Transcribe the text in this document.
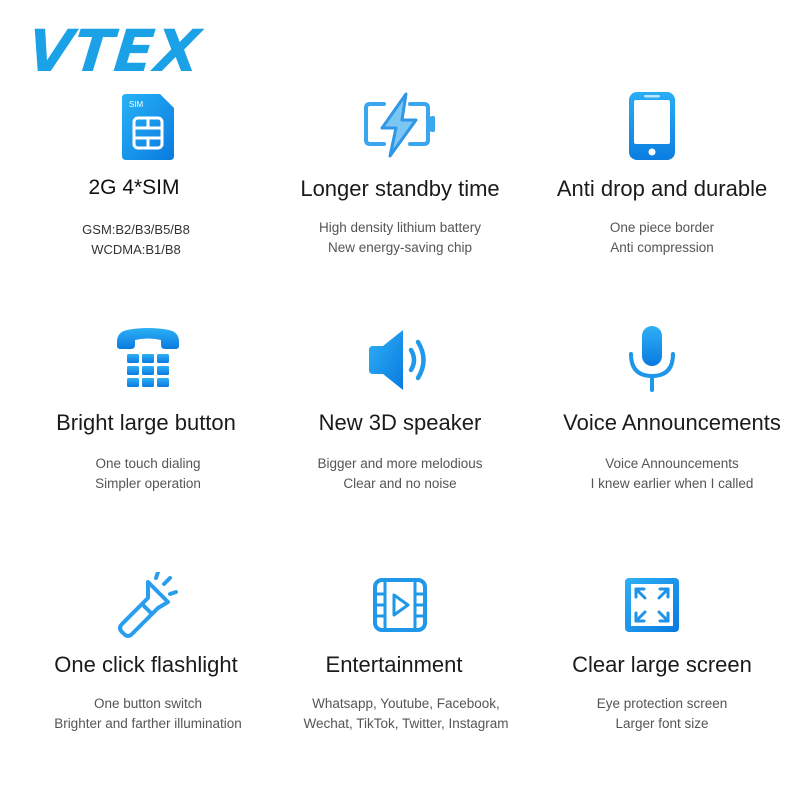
VTEX
SIM
2G 4*SIM
GSM:B2/B3/B5/B8
WCDMA:B1/B8
Longer standby time
High density lithium battery
New energy-saving chip
Anti drop and durable
One piece border
Anti compression
Bright large button
One touch dialing
Simpler operation
New 3D speaker
Bigger and more melodious
Clear and no noise
Voice Announcements
Voice Announcements
I knew earlier when I called
One click flashlight
One button switch
Brighter and farther illumination
Entertainment
Whatsapp, Youtube, Facebook,
Wechat, TikTok, Twitter, Instagram
Clear large screen
Eye protection screen
Larger font size
